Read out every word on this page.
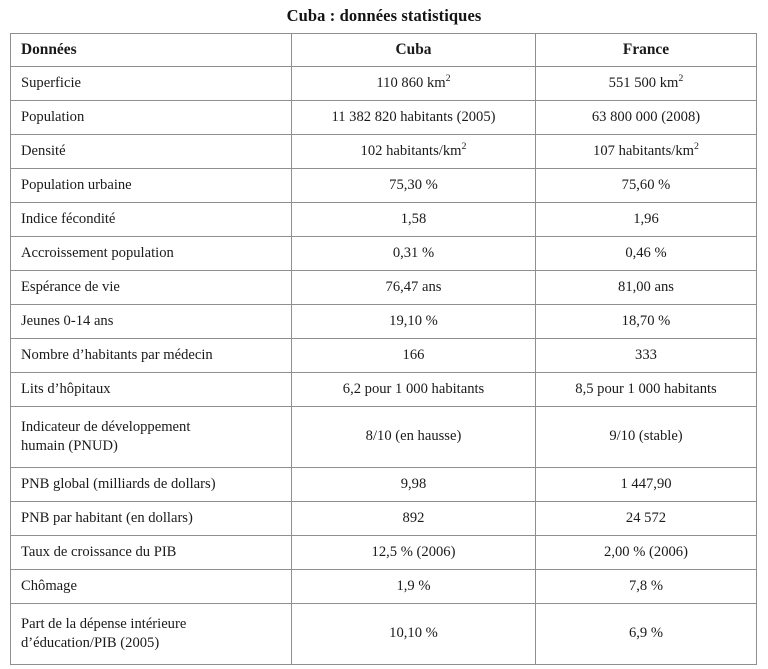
Cuba : données statistiques
Données	Cuba	France
Superficie	110 860 $km^2$	551 500 $km^2$
Population	11 382 820 habitants (2005)	63 800 000 (2008)
Densité	102 habitants/$km^2$	107 habitants/$km^2$
Population urbaine	75,30 %	75,60 %
Indice fécondité	1,58	1,96
Accroissement population	0,31 %	0,46 %
Espérance de vie	76,47 ans	81,00 ans
Jeunes 0-14 ans	19,10 %	18,70 %
Nombre d’habitants par médecin	166	333
Lits d’hôpitaux	6,2 pour 1 000 habitants	8,5 pour 1 000 habitants

Indicateur de développement
humain (PNUD)	8/10 (en hausse)	9/10 (stable)
PNB global (milliards de dollars)	9,98	1 447,90
PNB par habitant (en dollars)	892	24 572
Taux de croissance du PIB	12,5 % (2006)	2,00 % (2006)
Chômage	1,9 %	7,8 %

Part de la dépense intérieure
d’éducation/PIB (2005)	10,10 %	6,9 %
